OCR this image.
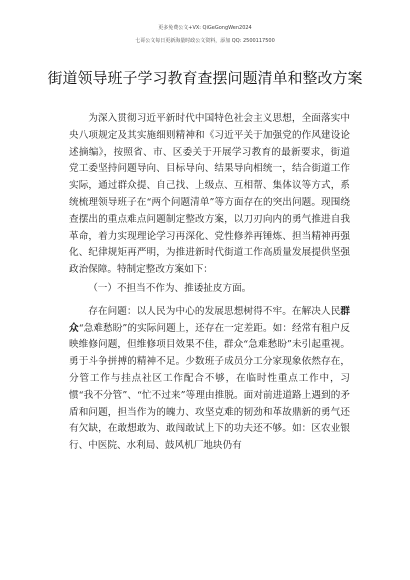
更多免费公文+VX: QiGeGongWen2024
七哥公文每日更新海量时政公文资料，添加 QQ: 2500117500
街道领导班子学习教育查摆问题清单和整改方案

为深入贯彻习近平新时代中国特色社会主义思想，全面落实中央八项规定及其实施细则精神和《习近平关于加强党的作风建设论述摘编》，按照省、市、区委关于开展学习教育的最新要求，街道党工委坚持问题导向、目标导向、结果导向相统一，结合街道工作实际，通过群众提、自己找、上级点、互相帮、集体议等方式，系统梳理领导班子在“两个问题清单”等方面存在的突出问题。现围绕查摆出的重点难点问题制定整改方案，以刀刃向内的勇气推进自我革命，着力实现理论学习再深化、党性修养再锤炼、担当精神再强化、纪律规矩再严明，为推进新时代街道工作高质量发展提供坚强政治保障。特制定整改方案如下：

（一）不担当不作为、推诿扯皮方面。

存在问题：以人民为中心的发展思想树得不牢。在解决人民群众“急难愁盼”的实际问题上，还存在一定差距。如：经常有租户反映维修问题，但维修项目效果不佳，群众“急难愁盼”未引起重视。勇于斗争拼搏的精神不足。少数班子成员分工分家现象依然存在，分管工作与挂点社区工作配合不够，在临时性重点工作中，习惯“我不分管”、“忙不过来”等理由推脱。面对前进道路上遇到的矛盾和问题，担当作为的魄力、攻坚克难的韧劲和革故鼎新的勇气还有欠缺，在敢想敢为、敢闯敢试上下的功夫还不够。如：区农业银行、中医院、水利局、鼓风机厂地块仍有
